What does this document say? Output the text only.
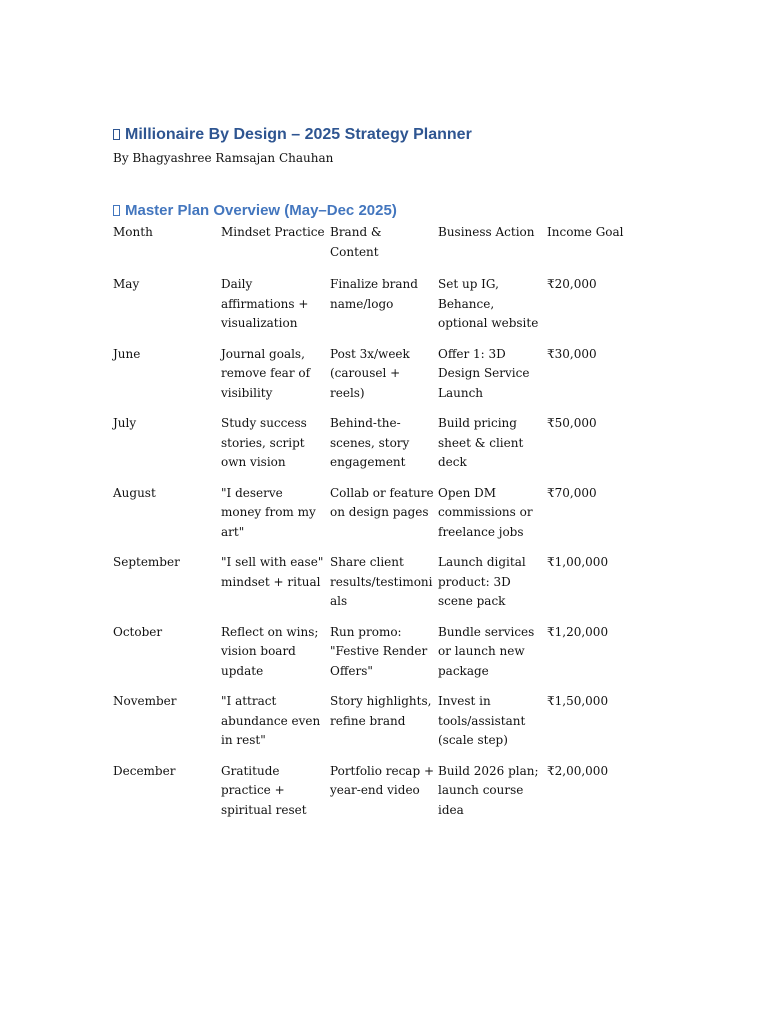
Millionaire By Design – 2025 Strategy Planner

By Bhagyashree Ramsajan Chauhan

Master Plan Overview (May–Dec 2025)
Month	Mindset Practice	Brand & Content	Business Action	Income Goal
May	Daily affirmations + visualization	Finalize brand name/logo	Set up IG, Behance, optional website	₹20,000
June	Journal goals, remove fear of visibility	Post 3x/week (carousel + reels)	Offer 1: 3D Design Service Launch	₹30,000
July	Study success stories, script own vision	Behind-the-scenes, story engagement	Build pricing sheet & client deck	₹50,000
August	"I deserve money from my art"	Collab or feature on design pages	Open DM commissions or freelance jobs	₹70,000
September	"I sell with ease" mindset + ritual	Share client results/testimonials	Launch digital product: 3D scene pack	₹1,00,000
October	Reflect on wins; vision board update	Run promo: "Festive Render Offers"	Bundle services or launch new package	₹1,20,000
November	"I attract abundance even in rest"	Story highlights, refine brand	Invest in tools/assistant (scale step)	₹1,50,000
December	Gratitude practice + spiritual reset	Portfolio recap + year-end video	Build 2026 plan; launch course idea	₹2,00,000
